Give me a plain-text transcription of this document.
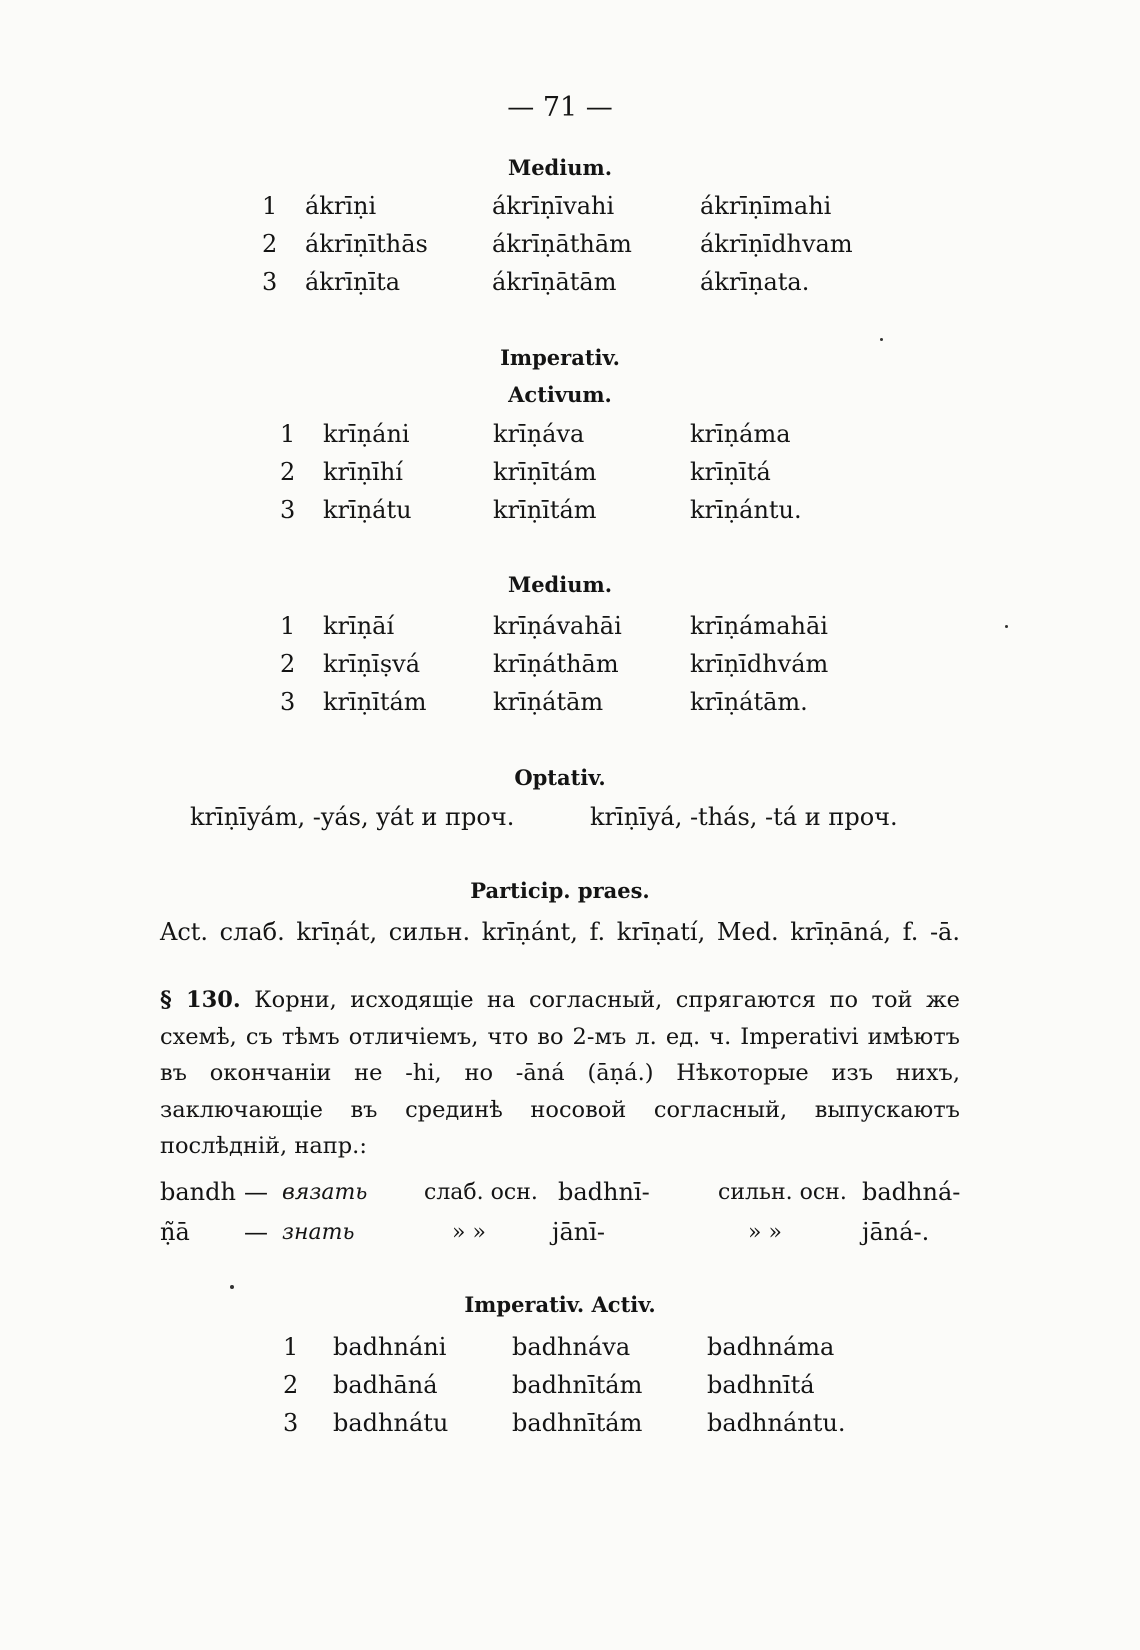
— 71 —
Medium.
1 ákrīṇi	ákrīṇīvahi	ákrīṇīmahi
2 ákrīṇīthās	ákrīṇāthām	ákrīṇīdhvam
3 ákrīṇīta	ákrīṇātām	ákrīṇata.
Imperativ.
Activum.
1 krīṇáni	krīṇáva	krīṇáma
2 krīṇīhí	krīṇītám	krīṇītá
3 krīṇátu	krīṇītám	krīṇántu.
Medium.
1 krīṇāí	krīṇávahāi	krīṇámahāi
2 krīṇīṣvá	krīṇáthām	krīṇīdhvám
3 krīṇītám	krīṇátām	krīṇátām.
Optativ.
krīṇīyám, -yás, yát и проч.	krīṇīyá, -thás, -tá и проч.
Particip. praes.
Act. слаб. krīṇát, сильн. krīṇánt, f. krīṇatí, Med. krīṇāná, f. -ā.
§ 130. Корни, исходящіе на согласный, спрягаются по той же схемѣ, съ тѣмъ отличіемъ, что во 2-мъ л. ед. ч. Imperativi имѣютъ въ окончаніи не -hi, но -āná (āṇá.) Нѣкоторые изъ нихъ, заключающіе въ срединѣ носовой согласный, выпускаютъ послѣдній, напр.:
bandh — вязать	слаб. осн. badhnī-	сильн. осн. badhná-
ṇ̃ā — знать	» »	jānī-	» »	jāná-.
Imperativ. Activ.
1 badhnáni	badhnáva	badhnáma
2 badhāná	badhnītám	badhnītá
3 badhnátu	badhnītám	badhnántu.
